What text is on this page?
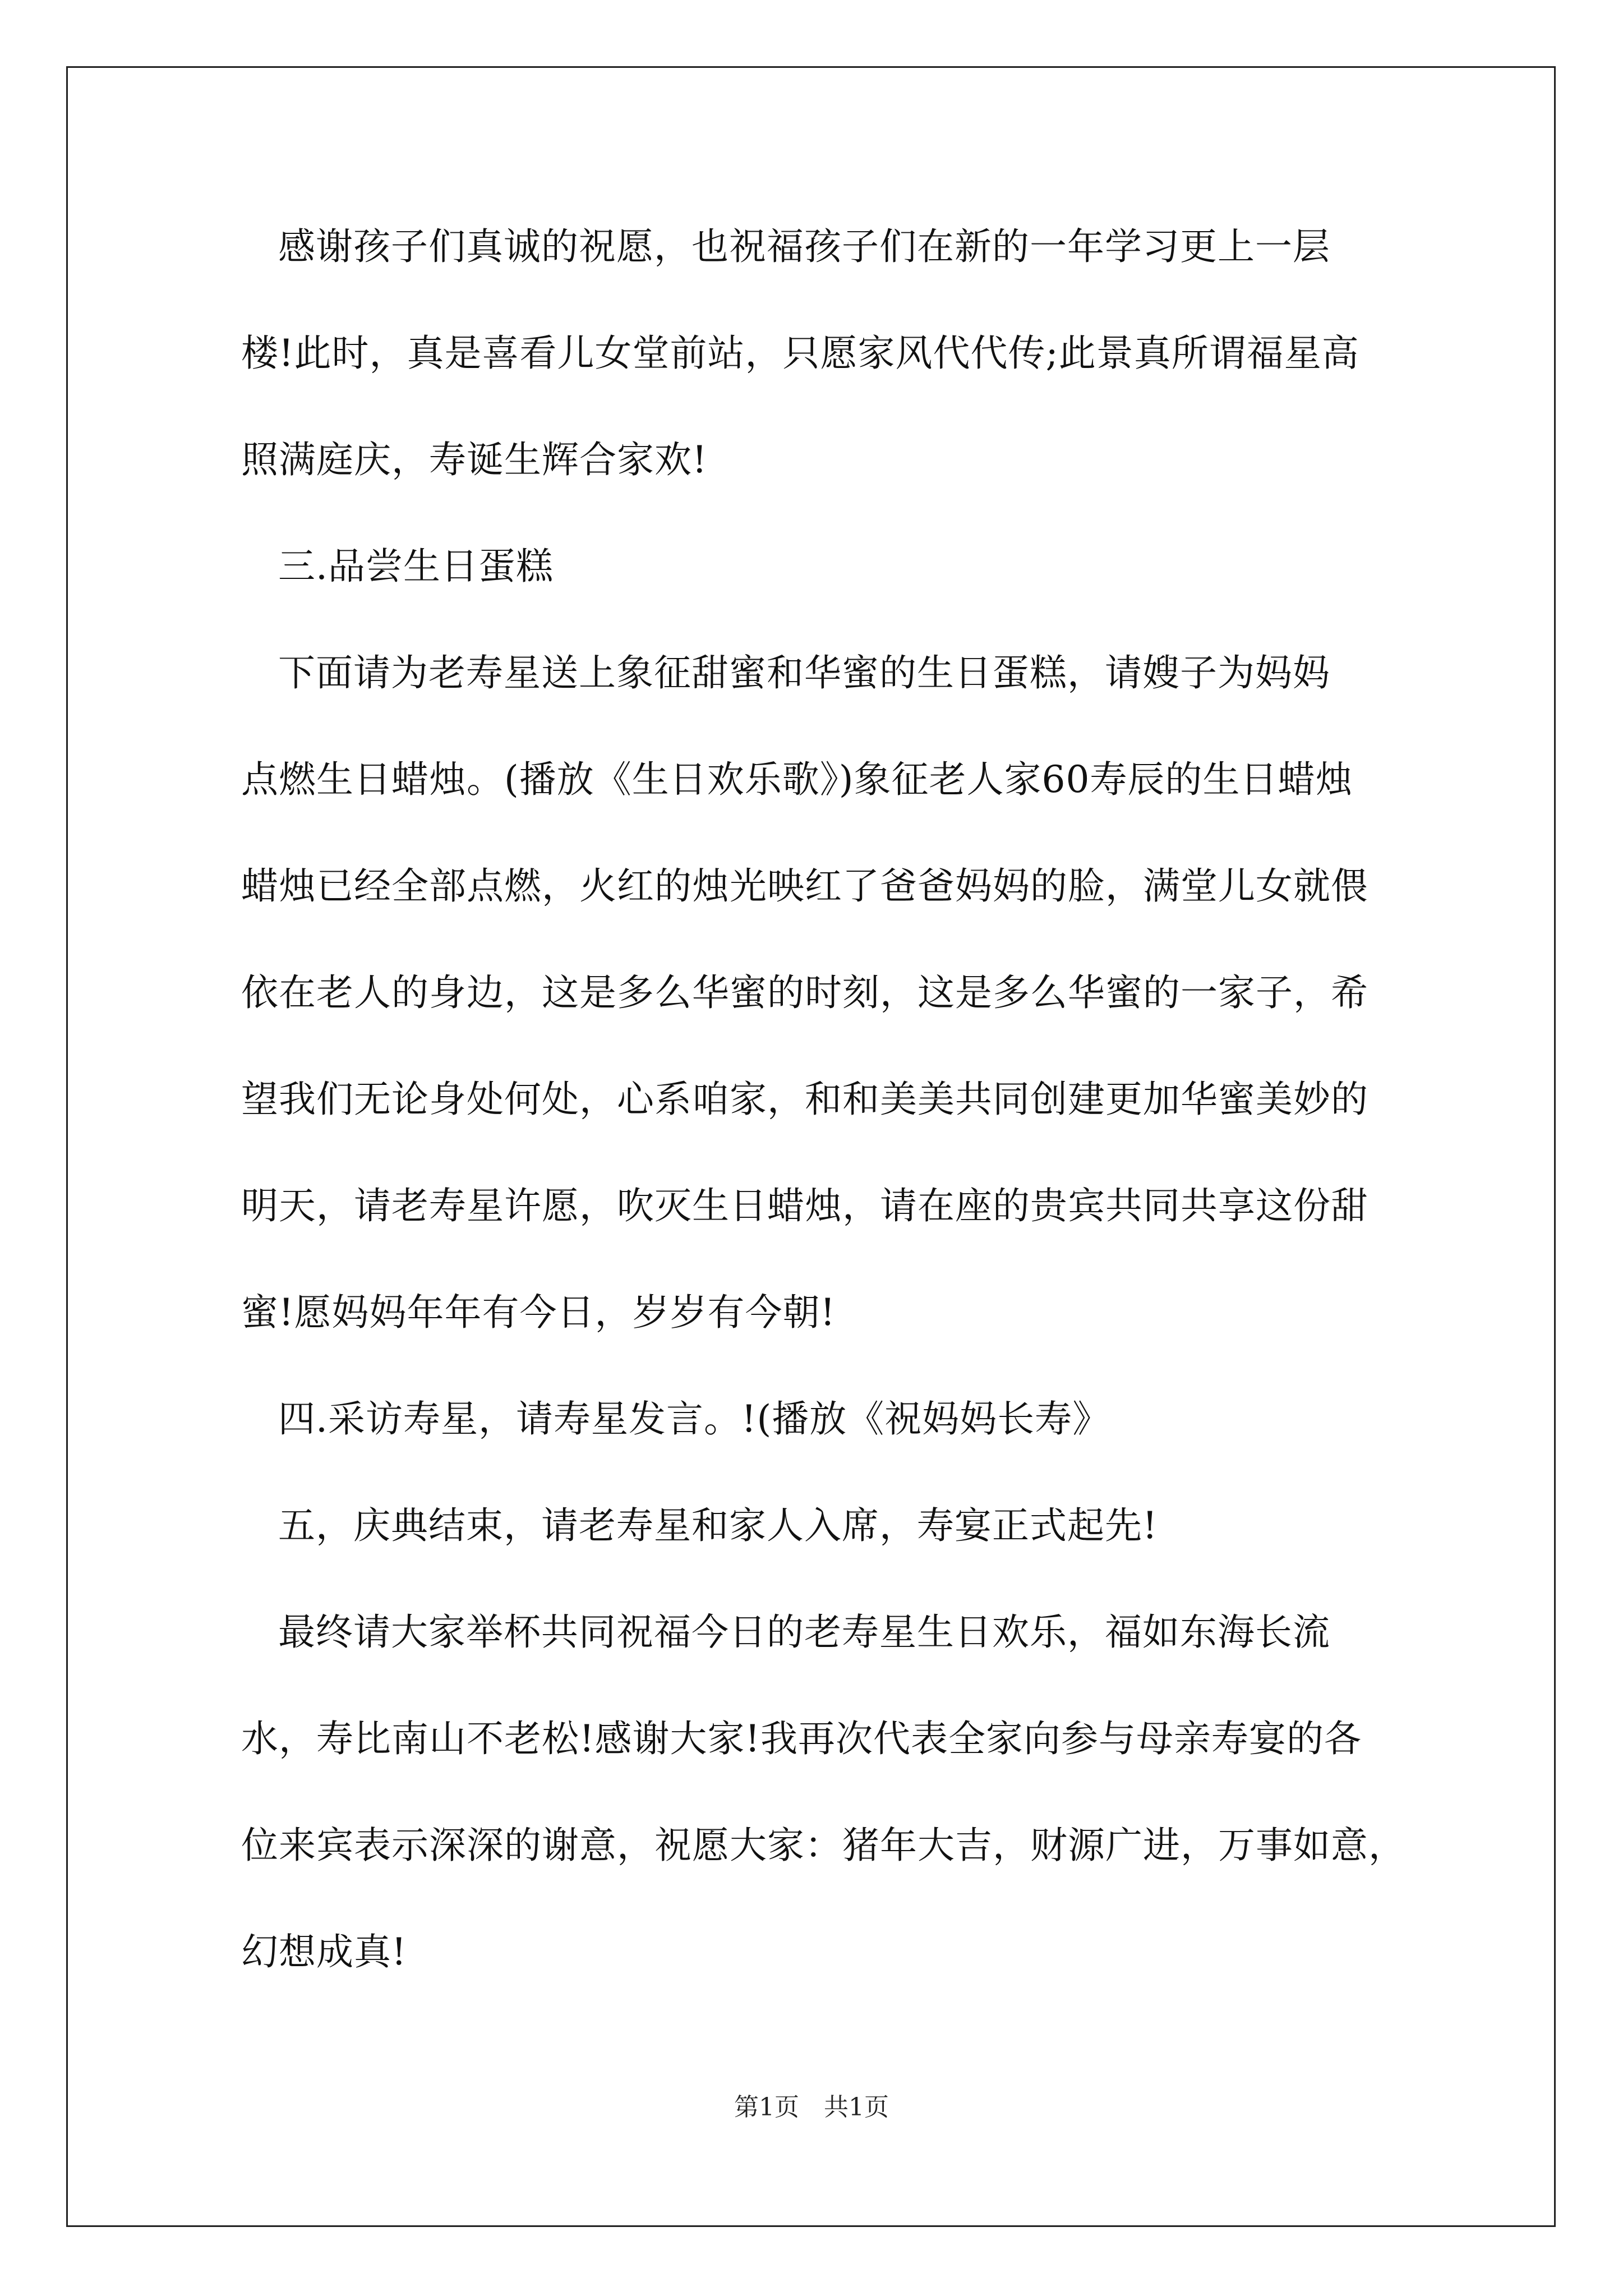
感谢孩子们真诚的祝愿，也祝福孩子们在新的一年学习更上一层
楼!此时，真是喜看儿女堂前站，只愿家风代代传;此景真所谓福星高
照满庭庆，寿诞生辉合家欢!
三.品尝生日蛋糕
下面请为老寿星送上象征甜蜜和华蜜的生日蛋糕，请嫂子为妈妈
点燃生日蜡烛。(播放《生日欢乐歌》)象征老人家60寿辰的生日蜡烛
蜡烛已经全部点燃，火红的烛光映红了爸爸妈妈的脸，满堂儿女就偎
依在老人的身边，这是多么华蜜的时刻，这是多么华蜜的一家子，希
望我们无论身处何处，心系咱家，和和美美共同创建更加华蜜美妙的
明天，请老寿星许愿，吹灭生日蜡烛，请在座的贵宾共同共享这份甜
蜜!愿妈妈年年有今日，岁岁有今朝!
四.采访寿星，请寿星发言。!(播放《祝妈妈长寿》
五，庆典结束，请老寿星和家人入席，寿宴正式起先!
最终请大家举杯共同祝福今日的老寿星生日欢乐，福如东海长流
水，寿比南山不老松!感谢大家!我再次代表全家向参与母亲寿宴的各
位来宾表示深深的谢意，祝愿大家：猪年大吉，财源广进，万事如意，
幻想成真!
第1页 共1页
